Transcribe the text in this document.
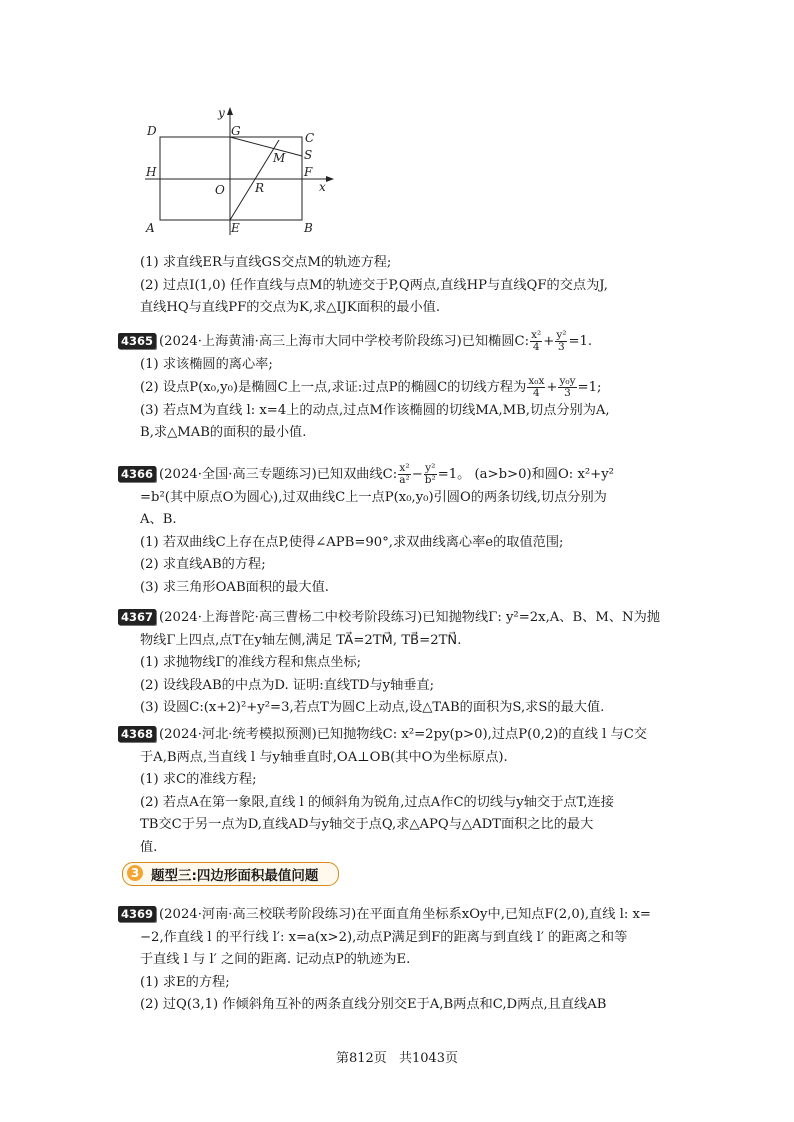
y
D	G	C
M S
H	F
x
O	R
A	E	B
(1) 求直线ER与直线GS交点M的轨迹方程;
(2) 过点I(1,0) 任作直线与点M的轨迹交于P,Q两点,直线HP与直线QF的交点为J,
直线HQ与直线PF的交点为K,求△IJK面积的最小值.
4365 (2024·上海黄浦·高三上海市大同中学校考阶段练习)已知椭圆C: $\frac{\text{x²}}{4} + \frac{\text{y²}}{3} =1$.
(1) 求该椭圆的离心率;
(2) 设点P(x₀,y₀)是椭圆C上一点,求证:过点P的椭圆C的切线方程为 $\frac{\text{x₀x}}{4} + \frac{\text{y₀y}}{3} =1$;
(3) 若点M为直线 l: x=4上的动点,过点M作该椭圆的切线MA,MB,切点分别为A,
B,求△MAB的面积的最小值.
4366 (2024·全国·高三专题练习)已知双曲线C: $\frac{\text{x²}}{\text{a²}} - \frac{\text{y²}}{\text{b²}} =1$。 (a>b>0)和圆O: x²+y²
=b²(其中原点O为圆心),过双曲线C上一点P(x₀,y₀)引圆O的两条切线,切点分别为
A、B.
(1) 若双曲线C上存在点P,使得∠APB=90°,求双曲线离心率e的取值范围;
(2) 求直线AB的方程;
(3) 求三角形OAB面积的最大值.
4367 (2024·上海普陀·高三曹杨二中校考阶段练习)已知抛物线Γ: y²=2x,A、B、M、N为抛
物线Γ上四点,点T在y轴左侧,满足 TA⃗=2TM⃗, TB⃗=2TN⃗.
(1) 求抛物线Γ的准线方程和焦点坐标;
(2) 设线段AB的中点为D. 证明:直线TD与y轴垂直;
(3) 设圆C:(x+2)²+y²=3,若点T为圆C上动点,设△TAB的面积为S,求S的最大值.
4368 (2024·河北·统考模拟预测)已知抛物线C: x²=2py(p>0),过点P(0,2)的直线 l 与C交
于A,B两点,当直线 l 与y轴垂直时,OA⊥OB(其中O为坐标原点).
(1) 求C的准线方程;
(2) 若点A在第一象限,直线 l 的倾斜角为锐角,过点A作C的切线与y轴交于点T,连接
TB交C于另一点为D,直线AD与y轴交于点Q,求△APQ与△ADT面积之比的最大
值.
3 题型三:四边形面积最值问题
4369 (2024·河南·高三校联考阶段练习)在平面直角坐标系xOy中,已知点F(2,0),直线 l: x=
−2,作直线 l 的平行线 l′: x=a(x>2),动点P满足到F的距离与到直线 l′ 的距离之和等
于直线 l 与 l′ 之间的距离. 记动点P的轨迹为E.
(1) 求E的方程;
(2) 过Q(3,1) 作倾斜角互补的两条直线分别交E于A,B两点和C,D两点,且直线AB
第812页 共1043页
